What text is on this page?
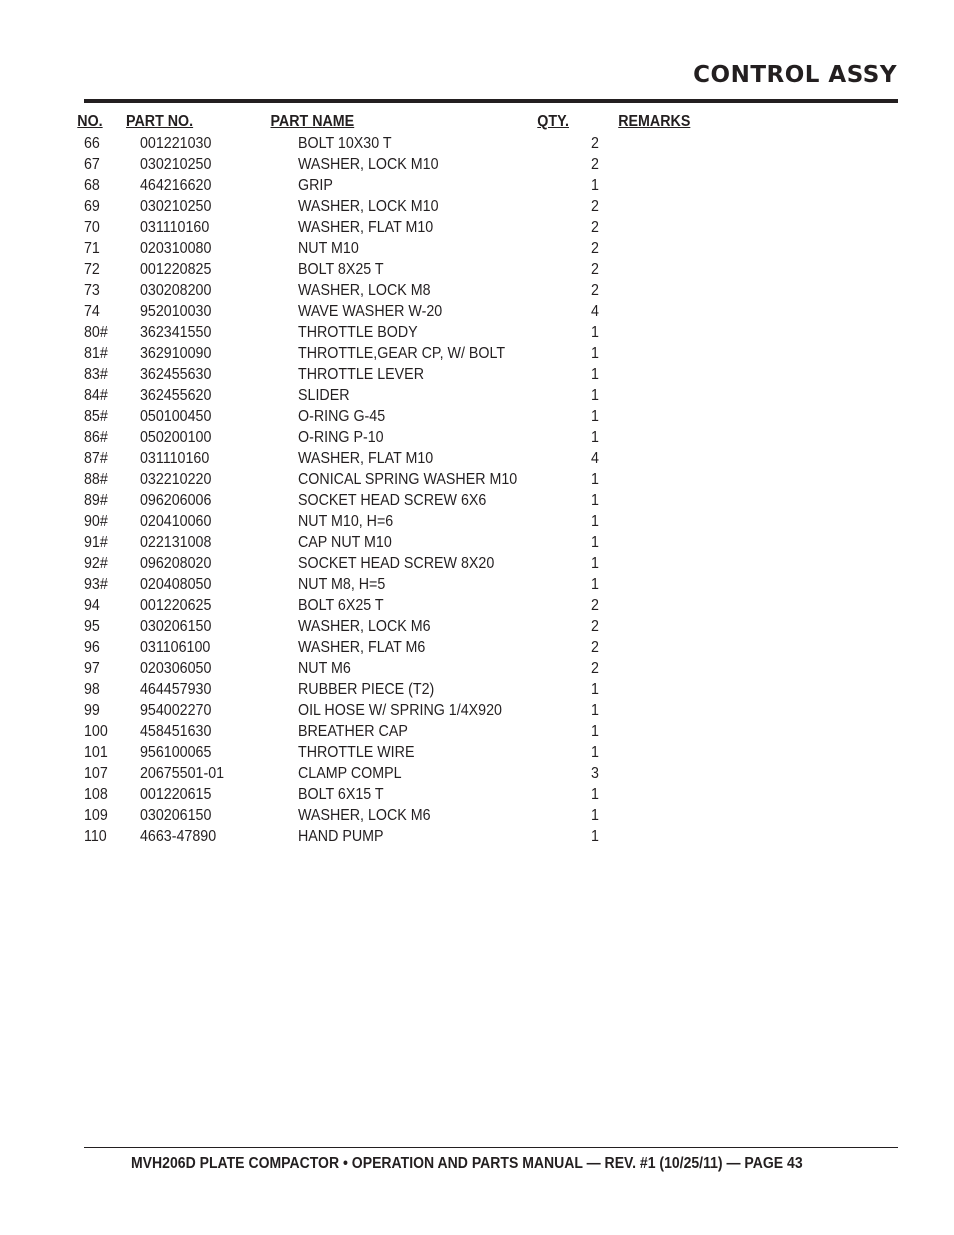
CONTROL ASSY
NO. PART NO.	PART NAME	QTY.	REMARKS
66	001221030	BOLT 10X30 T	2
67	030210250	WASHER, LOCK M10	2
68	464216620	GRIP	1
69	030210250	WASHER, LOCK M10	2
70	031110160	WASHER, FLAT M10	2
71	020310080	NUT M10	2
72	001220825	BOLT 8X25 T	2
73	030208200	WASHER, LOCK M8	2
74	952010030	WAVE WASHER W-20	4
80# 362341550	THROTTLE BODY	1
81# 362910090	THROTTLE,GEAR CP, W/ BOLT	1
83# 362455630	THROTTLE LEVER	1
84# 362455620	SLIDER	1
85# 050100450	O-RING G-45	1
86# 050200100	O-RING P-10	1
87# 031110160	WASHER, FLAT M10	4
88# 032210220	CONICAL SPRING WASHER M10	1
89# 096206006	SOCKET HEAD SCREW 6X6	1
90# 020410060	NUT M10, H=6	1
91# 022131008	CAP NUT M10	1
92# 096208020	SOCKET HEAD SCREW 8X20	1
93# 020408050	NUT M8, H=5	1
94	001220625	BOLT 6X25 T	2
95	030206150	WASHER, LOCK M6	2
96	031106100	WASHER, FLAT M6	2
97	020306050	NUT M6	2
98	464457930	RUBBER PIECE (T2)	1
99	954002270	OIL HOSE W/ SPRING 1/4X920	1
100 458451630	BREATHER CAP	1
101 956100065	THROTTLE WIRE	1
107 20675501-01	CLAMP COMPL	3
108 001220615	BOLT 6X15 T	1
109 030206150	WASHER, LOCK M6	1
110 4663-47890	HAND PUMP	1
MVH206D PLATE COMPACTOR • OPERATION AND PARTS MANUAL — REV. #1 (10/25/11) — PAGE 43
